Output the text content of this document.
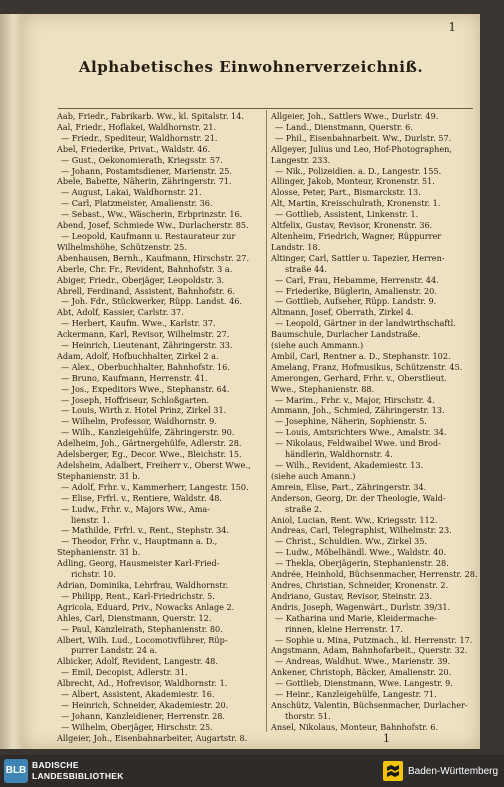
1
Alphabetisches Einwohnerverzeichniß.
Aab, Friedr., Fabrikarb. Ww., kl. Spitalstr. 14.
Aal, Friedr., Hoflakei, Waldhornstr. 21.
— Friedr., Spediteur, Waldhornstr. 21.
Abel, Friederike, Privat., Waldstr. 46.
— Gust., Oekonomierath, Kriegsstr. 57.
— Johann, Postamtsdiener, Marienstr. 25.
Abele, Babette, Näherin, Zähringerstr. 71.
— August, Lakai, Waldhornstr. 21.
— Carl, Platzmeister, Amalienstr. 36.
— Sebast., Ww., Wäscherin, Erbprinzstr. 16.
Abend, Josef, Schmiede Ww., Durlacherstr. 85.
— Leopold, Kaufmann u. Restaurateur zur
Wilhelmshöhe, Schützenstr. 25.
Abenhausen, Bernh., Kaufmann, Hirschstr. 27.
Aberle, Chr. Fr., Revident, Bahnhofstr. 3 a.
Abiger, Friedr., Oberjäger, Leopoldstr. 3.
Abrell, Ferdinand, Assistent, Bahnhofstr. 6.
— Joh. Fdr., Stückwerker, Rüpp. Landst. 46.
Abt, Adolf, Kassier, Carlstr. 37.
— Herbert, Kaufm. Wwe., Karlstr. 37.
Ackermann, Karl, Revisor, Wilhelmstr. 27.
— Heinrich, Lieutenant, Zähringerstr. 33.
Adam, Adolf, Hofbuchhalter, Zirkel 2 a.
— Alex., Oberbuchhalter, Bahnhofstr. 16.
— Bruno, Kaufmann, Herrenstr. 41.
— Jos., Expeditors Wwe., Stephanstr. 64.
— Joseph, Hoffriseur, Schloßgarten.
— Louis, Wirth z. Hotel Prinz, Zirkel 31.
— Wilhelm, Professor, Waldhornstr. 9.
— Wilh., Kanzleigehülfe, Zähringerstr. 90.
Adelheim, Joh., Gärtnergehülfe, Adlerstr. 28.
Adelsberger, Eg., Decor. Wwe., Bleichstr. 15.
Adelsheim, Adalbert, Freiherr v., Oberst Wwe.,
Stephanienstr. 31 b.
— Adolf, Frhr. v., Kammerherr, Langestr. 150.
— Elise, Frfrl. v., Rentiere, Waldstr. 48.
— Ludw., Frhr. v., Majors Ww., Ama-
lienstr. 1.
— Mathilde, Frfrl. v., Rent., Stephstr. 34.
— Theodor, Frhr. v., Hauptmann a. D.,
Stephanienstr. 31 b.
Adling, Georg, Hausmeister Karl-Fried-
richstr. 10.
Adrian, Dominika, Lehrfrau, Waldhornstr.
— Philipp, Rent., Karl-Friedrichstr. 5.
Agricola, Eduard, Priv., Nowacks Anlage 2.
Ahles, Carl, Dienstmann, Querstr. 12.
— Paul, Kanzleirath, Stephanienstr. 80.
Albert, Wilh. Lud., Locomotivführer, Rüp-
purrer Landstr. 24 a.
Albicker, Adolf, Revident, Langestr. 48.
— Emil, Decopist, Adlerstr. 31.
Albrecht, Ad., Hofrevisor, Waldhornstr. 1.
— Albert, Assistent, Akademiestr. 16.
— Heinrich, Schneider, Akademiestr. 20.
— Johann, Kanzleidiener, Herrenstr. 28.
— Wilhelm, Oberjäger, Hirschstr. 25.
Allgeier, Joh., Eisenbahnarbeiter, Augartstr. 8.
Allgeier, Joh., Sattlers Wwe., Durlstr. 49.
— Land., Dienstmann, Querstr. 6.
— Phil., Eisenbahnarbeit. Ww., Durlstr. 57.
Allgeyer, Julius und Leo, Hof-Photographen,
Langestr. 233.
— Nik., Polizeidien. a. D., Langestr. 155.
Allinger, Jakob, Monteur, Kronenstr. 51.
Alosse, Peter, Part., Bismarckstr. 13.
Alt, Martin, Kreisschulrath, Kronenstr. 1.
— Gottlieb, Assistent, Linkenstr. 1.
Altfelix, Gustav, Revisor, Kronenstr. 36.
Altenheim, Friedrich, Wagner, Rüppurrer
Landstr. 18.
Altinger, Carl, Sattler u. Tapezier, Herren-
straße 44.
— Carl, Frau, Hebamme, Herrenstr. 44.
— Friederike, Büglerin, Amalienstr. 20.
— Gottlieb, Aufseher, Rüpp. Landstr. 9.
Altmann, Josef, Oberrath, Zirkel 4.
— Leopold, Gärtner in der landwirthschaftl.
Baumschule, Durlacher Landstraße.
(siehe auch Ammann.)
Ambil, Carl, Rentner a. D., Stephanstr. 102.
Amelang, Franz, Hofmusikus, Schützenstr. 45.
Amerongen, Gerhard, Frhr. v., Oberstlieut.
Wwe., Stephanienstr. 88.
— Marim., Frhr. v., Major, Hirschstr. 4.
Ammann, Joh., Schmied, Zähringerstr. 13.
— Josephine, Näherin, Sophienstr. 5.
— Louis, Amtsrichters Wwe., Amalstr. 34.
— Nikolaus, Feldwaibel Wwe. und Brod-
händlerin, Waldhornstr. 4.
— Wilh., Revident, Akademiestr. 13.
(siehe auch Amann.)
Amrein, Elise, Part., Zähringerstr. 34.
Anderson, Georg, Dr. der Theologie, Wald-
straße 2.
Aniol, Lucian, Rent. Ww., Kriegsstr. 112.
Andreas, Carl, Telegraphist, Wilhelmstr. 23.
— Christ., Schuldien. Ww., Zirkel 35.
— Ludw., Möbelhändl. Wwe., Waldstr. 40.
— Thekla, Oberjägerin, Stephanienstr. 28.
Andrée, Heinhold, Büchsenmacher, Herrenstr. 28.
Andres, Christian, Schneider, Kronenstr. 2.
Andriano, Gustav, Revisor, Steinstr. 23.
Andris, Joseph, Wagenwärt., Durlstr. 39/31.
— Katharina und Marie, Kleidermache-
rinnen, kleine Herrenstr. 17.
— Sophie u. Mina, Putzmach., kl. Herrenstr. 17.
Angstmann, Adam, Bahnhofarbeit., Querstr. 32.
— Andreas, Waldhut. Wwe., Marienstr. 39.
Ankener, Christoph, Bäcker, Amalienstr. 20.
— Gottlieb, Dienstmann, Wwe. Langestr. 9.
— Heinr., Kanzleigehülfe, Langestr. 71.
Anschütz, Valentin, Büchsenmacher, Durlacher-
thorstr. 51.
Ansel, Nikolaus, Monteur, Bahnhofstr. 6.
1
BLB BADISCHE
LANDESBIBLIOTHEK	Baden-Württemberg
